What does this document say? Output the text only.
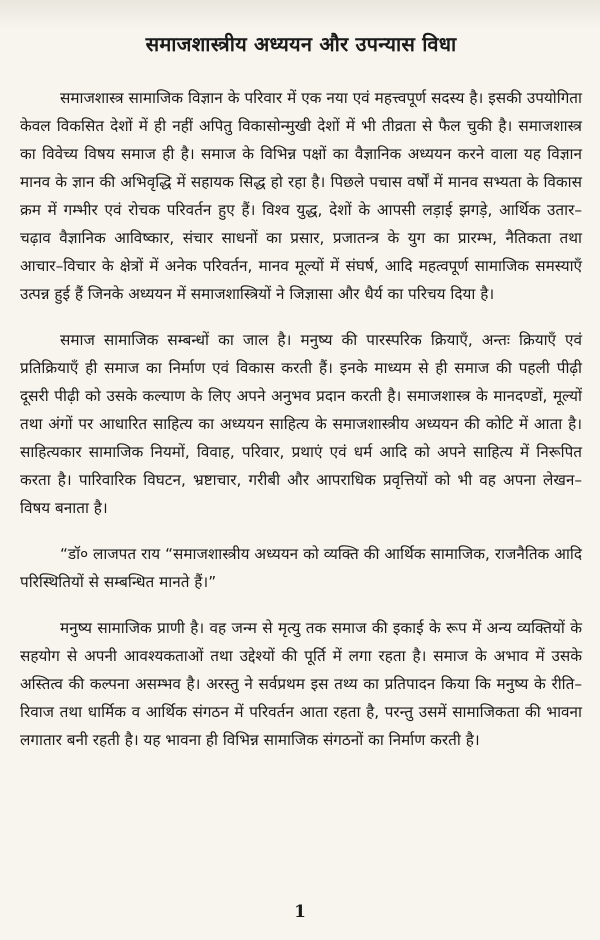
समाजशास्त्रीय अध्ययन और उपन्यास विधा

समाजशास्त्र सामाजिक विज्ञान के परिवार में एक नया एवं महत्त्वपूर्ण सदस्य है। इसकी उपयोगिता केवल विकसित देशों में ही नहीं अपितु विकासोन्मुखी देशों में भी तीव्रता से फैल चुकी है। समाजशास्त्र का विवेच्य विषय समाज ही है। समाज के विभिन्न पक्षों का वैज्ञानिक अध्ययन करने वाला यह विज्ञान मानव के ज्ञान की अभिवृद्धि में सहायक सिद्ध हो रहा है। पिछले पचास वर्षों में मानव सभ्यता के विकास क्रम में गम्भीर एवं रोचक परिवर्तन हुए हैं। विश्व युद्ध, देशों के आपसी लड़ाई झगड़े, आर्थिक उतार–चढ़ाव वैज्ञानिक आविष्कार, संचार साधनों का प्रसार, प्रजातन्त्र के युग का प्रारम्भ, नैतिकता तथा आचार–विचार के क्षेत्रों में अनेक परिवर्तन, मानव मूल्यों में संघर्ष, आदि महत्वपूर्ण सामाजिक समस्याएँ उत्पन्न हुई हैं जिनके अध्ययन में समाजशास्त्रियों ने जिज्ञासा और धैर्य का परिचय दिया है।

समाज सामाजिक सम्बन्धों का जाल है। मनुष्य की पारस्परिक क्रियाएँ, अन्तः क्रियाएँ एवं प्रतिक्रियाएँ ही समाज का निर्माण एवं विकास करती हैं। इनके माध्यम से ही समाज की पहली पीढ़ी दूसरी पीढ़ी को उसके कल्याण के लिए अपने अनुभव प्रदान करती है। समाजशास्त्र के मानदण्डों, मूल्यों तथा अंगों पर आधारित साहित्य का अध्ययन साहित्य के समाजशास्त्रीय अध्ययन की कोटि में आता है। साहित्यकार सामाजिक नियमों, विवाह, परिवार, प्रथाएं एवं धर्म आदि को अपने साहित्य में निरूपित करता है। पारिवारिक विघटन, भ्रष्टाचार, गरीबी और आपराधिक प्रवृत्तियों को भी वह अपना लेखन–विषय बनाता है।

“डॉ० लाजपत राय “समाजशास्त्रीय अध्ययन को व्यक्ति की आर्थिक सामाजिक, राजनैतिक आदि परिस्थितियों से सम्बन्धित मानते हैं।”

मनुष्य सामाजिक प्राणी है। वह जन्म से मृत्यु तक समाज की इकाई के रूप में अन्य व्यक्तियों के सहयोग से अपनी आवश्यकताओं तथा उद्देश्यों की पूर्ति में लगा रहता है। समाज के अभाव में उसके अस्तित्व की कल्पना असम्भव है। अरस्तु ने सर्वप्रथम इस तथ्य का प्रतिपादन किया कि मनुष्य के रीति–रिवाज तथा धार्मिक व आर्थिक संगठन में परिवर्तन आता रहता है, परन्तु उसमें सामाजिकता की भावना लगातार बनी रहती है। यह भावना ही विभिन्न सामाजिक संगठनों का निर्माण करती है।

1
